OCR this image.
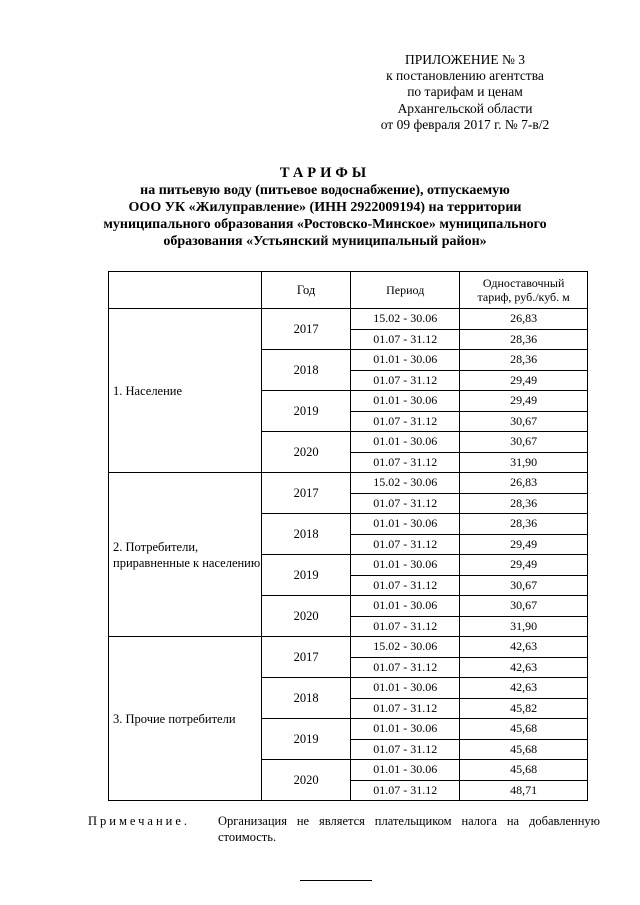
ПРИЛОЖЕНИЕ № 3
к постановлению агентства
по тарифам и ценам
Архангельской области
от 09 февраля 2017 г. № 7-в/2
ТАРИФЫ
на питьевую воду (питьевое водоснабжение), отпускаемую
ООО УК «Жилуправление» (ИНН 2922009194) на территории
муниципального образования «Ростовско-Минское» муниципального
образования «Устьянский муниципальный район»
	Год	Период	Одноставочный
тариф, руб./куб. м

1. Население	2017	15.02 - 30.06	26,83
		01.07 - 31.12	28,36
	2018	01.01 - 30.06	28,36
		01.07 - 31.12	29,49
	2019	01.01 - 30.06	29,49
		01.07 - 31.12	30,67
	2020	01.01 - 30.06	30,67
		01.07 - 31.12	31,90
2. Потребители, приравненные к населению	2017	15.02 - 30.06	26,83
		01.07 - 31.12	28,36
	2018	01.01 - 30.06	28,36
		01.07 - 31.12	29,49
	2019	01.01 - 30.06	29,49
		01.07 - 31.12	30,67
	2020	01.01 - 30.06	30,67
		01.07 - 31.12	31,90
3. Прочие потребители	2017	15.02 - 30.06	42,63
		01.07 - 31.12	42,63
	2018	01.01 - 30.06	42,63
		01.07 - 31.12	45,82
	2019	01.01 - 30.06	45,68
		01.07 - 31.12	45,68
	2020	01.01 - 30.06	45,68
		01.07 - 31.12	48,71
Примечание. Организация не является плательщиком налога на добавленную стоимость.
